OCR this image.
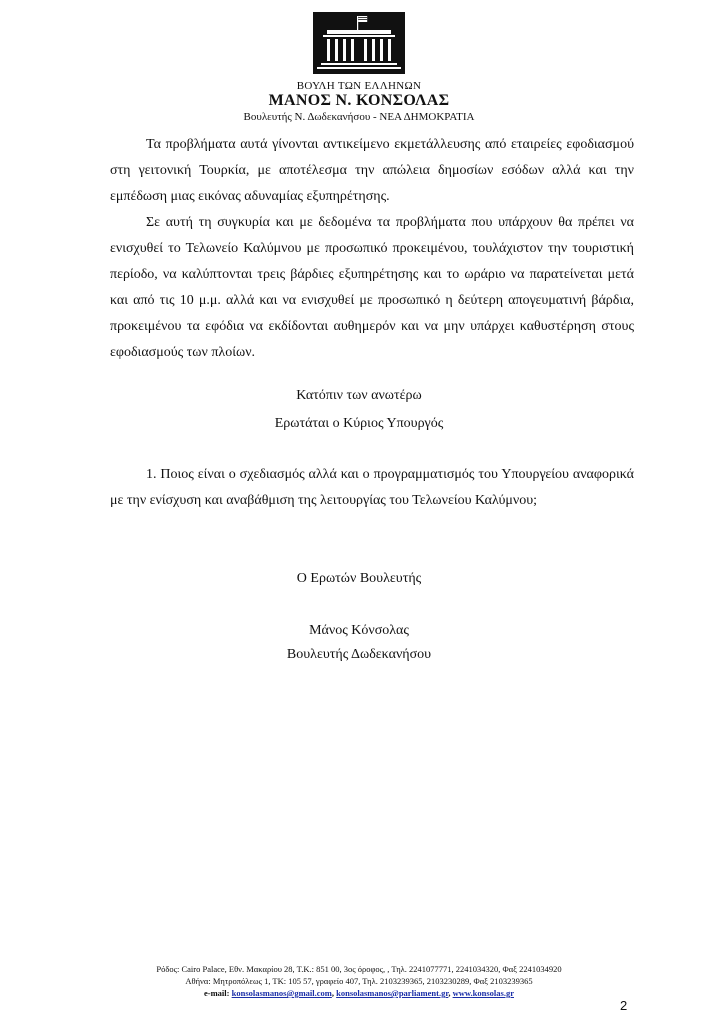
ΒΟΥΛΗ ΤΩΝ ΕΛΛΗΝΩΝ
ΜΑΝΟΣ Ν. ΚΟΝΣΟΛΑΣ
Βουλευτής Ν. Δωδεκανήσου - ΝΕΑ ΔΗΜΟΚΡΑΤΙΑ

Τα προβλήματα αυτά γίνονται αντικείμενο εκμετάλλευσης από εταιρείες εφοδιασμού στη γειτονική Τουρκία, με αποτέλεσμα την απώλεια δημοσίων εσόδων αλλά και την εμπέδωση μιας εικόνας αδυναμίας εξυπηρέτησης.

Σε αυτή τη συγκυρία και με δεδομένα τα προβλήματα που υπάρχουν θα πρέπει να ενισχυθεί το Τελωνείο Καλύμνου με προσωπικό προκειμένου, τουλάχιστον την τουριστική περίοδο, να καλύπτονται τρεις βάρδιες εξυπηρέτησης και το ωράριο να παρατείνεται μετά και από τις 10 μ.μ. αλλά και να ενισχυθεί με προσωπικό η δεύτερη απογευματινή βάρδια, προκειμένου τα εφόδια να εκδίδονται αυθημερόν και να μην υπάρχει καθυστέρηση στους εφοδιασμούς των πλοίων.

Κατόπιν των ανωτέρω
Ερωτάται ο Κύριος Υπουργός

1. Ποιος είναι ο σχεδιασμός αλλά και ο προγραμματισμός του Υπουργείου αναφορικά με την ενίσχυση και αναβάθμιση της λειτουργίας του Τελωνείου Καλύμνου;

Ο Ερωτών Βουλευτής
Μάνος Κόνσολας
Βουλευτής Δωδεκανήσου
Ρόδος: Cairo Palace, Εθν. Μακαρίου 28, Τ.Κ.: 851 00, 3ος όροφος, , Τηλ. 2241077771, 2241034320, Φαξ 2241034920
Αθήνα: Μητροπόλεως 1, ΤΚ: 105 57, γραφείο 407, Τηλ. 2103239365, 2103230289, Φαξ 2103239365
e-mail: konsolasmanos@gmail.com, konsolasmanos@parliament.gr, www.konsolas.gr
2
